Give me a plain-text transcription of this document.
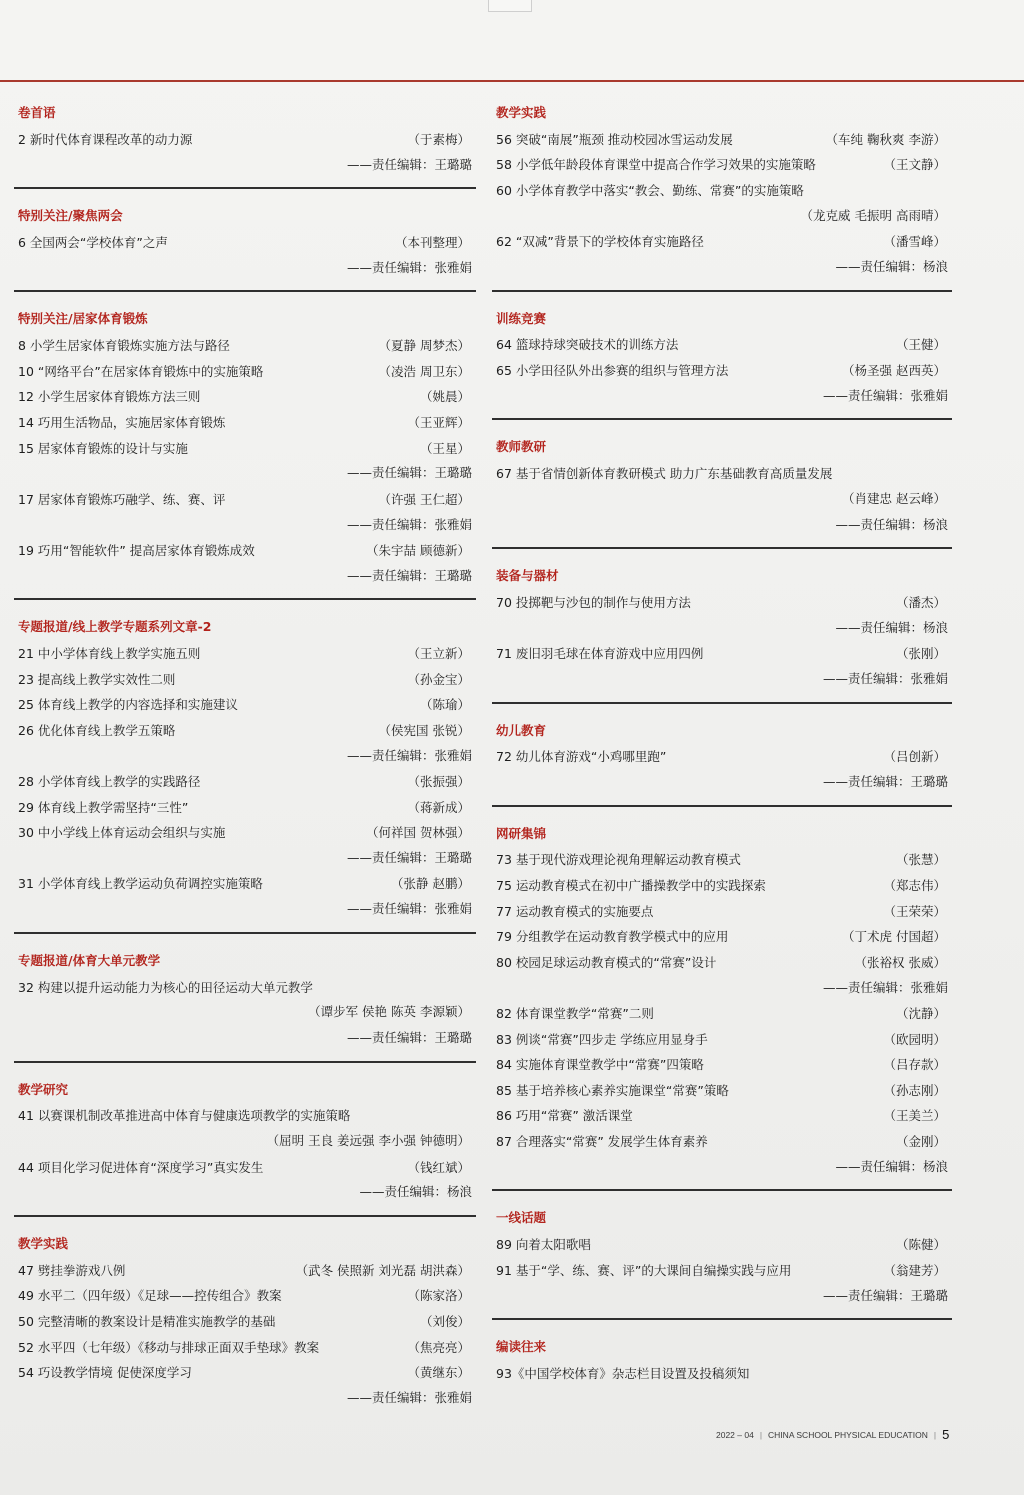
卷首语
2 新时代体育课程改革的动力源	（于素梅）
——责任编辑：王璐璐
特别关注/聚焦两会
6 全国两会“学校体育”之声	（本刊整理）
——责任编辑：张雅娟
特别关注/居家体育锻炼
8 小学生居家体育锻炼实施方法与路径	（夏静 周梦杰）
10 “网络平台”在居家体育锻炼中的实施策略	（凌浩 周卫东）
12 小学生居家体育锻炼方法三则	（姚晨）
14 巧用生活物品，实施居家体育锻炼	（王亚辉）
15 居家体育锻炼的设计与实施	（王星）
——责任编辑：王璐璐
17 居家体育锻炼巧融学、练、赛、评	（许强 王仁超）
——责任编辑：张雅娟
19 巧用“智能软件” 提高居家体育锻炼成效	（朱宇喆 顾德新）
——责任编辑：王璐璐
专题报道/线上教学专题系列文章-2
21 中小学体育线上教学实施五则	（王立新）
23 提高线上教学实效性二则	（孙金宝）
25 体育线上教学的内容选择和实施建议	（陈瑜）
26 优化体育线上教学五策略	（侯宪国 张锐）
——责任编辑：张雅娟
28 小学体育线上教学的实践路径	（张振强）
29 体育线上教学需坚持“三性”	（蒋新成）
30 中小学线上体育运动会组织与实施	（何祥国 贺林强）
——责任编辑：王璐璐
31 小学体育线上教学运动负荷调控实施策略	（张静 赵鹏）
——责任编辑：张雅娟
专题报道/体育大单元教学
32 构建以提升运动能力为核心的田径运动大单元教学
（谭步军 侯艳 陈英 李源颖）
——责任编辑：王璐璐
教学研究
41 以赛课机制改革推进高中体育与健康选项教学的实施策略
（屈明 王良 姜远强 李小强 钟德明）
44 项目化学习促进体育“深度学习”真实发生	（钱红斌）
——责任编辑：杨浪
教学实践
47 劈挂拳游戏八例	（武冬 侯照新 刘光磊 胡洪森）
49 水平二（四年级）《足球——控传组合》教案	（陈家洛）
50 完整清晰的教案设计是精准实施教学的基础	（刘俊）
52 水平四（七年级）《移动与排球正面双手垫球》教案	（焦亮亮）
54 巧设教学情境 促使深度学习	（黄继东）
——责任编辑：张雅娟
教学实践
56 突破“南展”瓶颈 推动校园冰雪运动发展	（车纯 鞠秋爽 李游）
58 小学低年龄段体育课堂中提高合作学习效果的实施策略	（王文静）
60 小学体育教学中落实“教会、勤练、常赛”的实施策略
（龙克威 毛振明 高雨晴）
62 “双减”背景下的学校体育实施路径	（潘雪峰）
——责任编辑：杨浪
训练竞赛
64 篮球持球突破技术的训练方法	（王健）
65 小学田径队外出参赛的组织与管理方法	（杨圣强 赵西英）
——责任编辑：张雅娟
教师教研
67 基于省情创新体育教研模式 助力广东基础教育高质量发展
（肖建忠 赵云峰）
——责任编辑：杨浪
装备与器材
70 投掷靶与沙包的制作与使用方法	（潘杰）
——责任编辑：杨浪
71 废旧羽毛球在体育游戏中应用四例	（张刚）
——责任编辑：张雅娟
幼儿教育
72 幼儿体育游戏“小鸡哪里跑”	（吕创新）
——责任编辑：王璐璐
网研集锦
73 基于现代游戏理论视角理解运动教育模式	（张慧）
75 运动教育模式在初中广播操教学中的实践探索	（郑志伟）
77 运动教育模式的实施要点	（王荣荣）
79 分组教学在运动教育教学模式中的应用	（丁术虎 付国超）
80 校园足球运动教育模式的“常赛”设计	（张裕权 张威）
——责任编辑：张雅娟
82 体育课堂教学“常赛”二则	（沈静）
83 例谈“常赛”四步走 学练应用显身手	（欧园明）
84 实施体育课堂教学中“常赛”四策略	（吕存款）
85 基于培养核心素养实施课堂“常赛”策略	（孙志刚）
86 巧用“常赛” 激活课堂	（王美兰）
87 合理落实“常赛” 发展学生体育素养	（金刚）
——责任编辑：杨浪
一线话题
89 向着太阳歌唱	（陈健）
91 基于“学、练、赛、评”的大课间自编操实践与应用	（翁建芳）
——责任编辑：王璐璐
编读往来
93《中国学校体育》杂志栏目设置及投稿须知
2022 – 04 | CHINA SCHOOL PHYSICAL EDUCATION | 5
